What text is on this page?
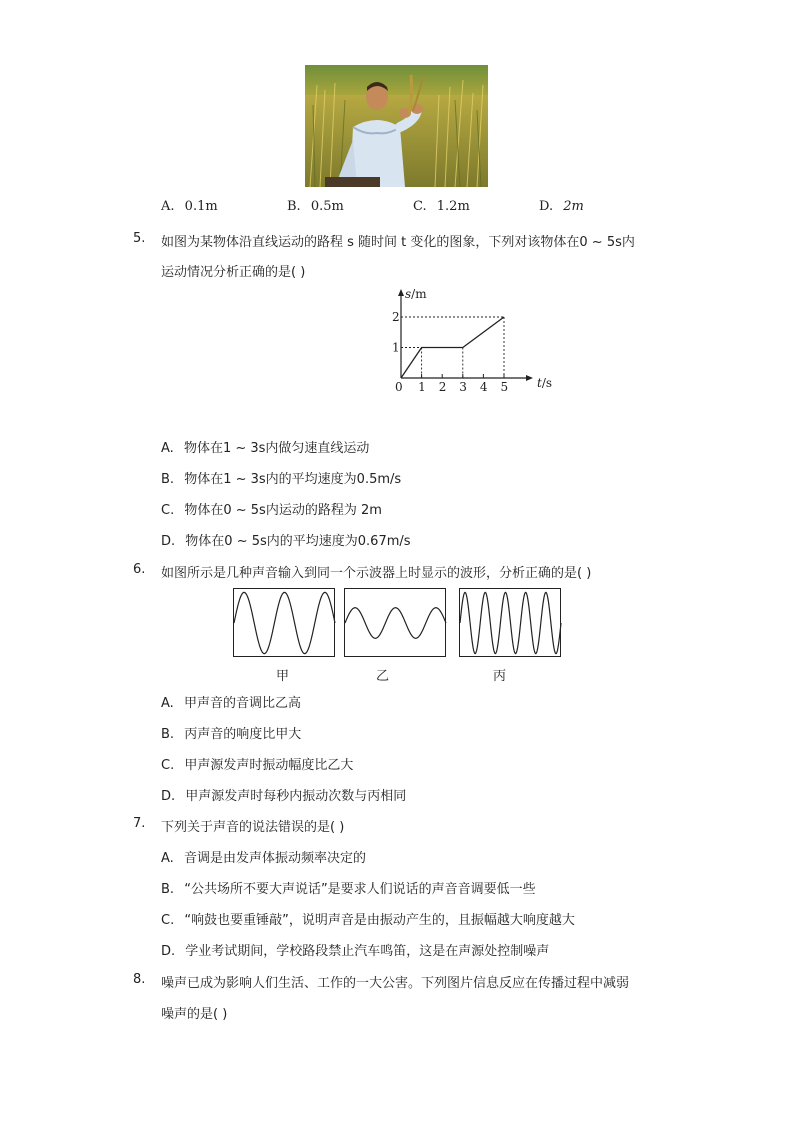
A. 0.1m	B. 0.5m	C. 1.2m	D. 2m
5. 如图为某物体沿直线运动的路程 s 随时间 t 变化的图象，下列对该物体在0 ~ 5s内
运动情况分析正确的是( )
s/m
t/s
0 1 2 3 4 5
1
2
A. 物体在1 ~ 3s内做匀速直线运动
B. 物体在1 ~ 3s内的平均速度为0.5m/s
C. 物体在0 ~ 5s内运动的路程为 2m
D. 物体在0 ~ 5s内的平均速度为0.67m/s
6. 如图所示是几种声音输入到同一个示波器上时显示的波形，分析正确的是( )
甲	乙	丙
A. 甲声音的音调比乙高
B. 丙声音的响度比甲大
C. 甲声源发声时振动幅度比乙大
D. 甲声源发声时每秒内振动次数与丙相同
7. 下列关于声音的说法错误的是( )
A. 音调是由发声体振动频率决定的
B. “公共场所不要大声说话”是要求人们说话的声音音调要低一些
C. “响鼓也要重锤敲”，说明声音是由振动产生的，且振幅越大响度越大
D. 学业考试期间，学校路段禁止汽车鸣笛，这是在声源处控制噪声
8. 噪声已成为影响人们生活、工作的一大公害。下列图片信息反应在传播过程中减弱
噪声的是( )
